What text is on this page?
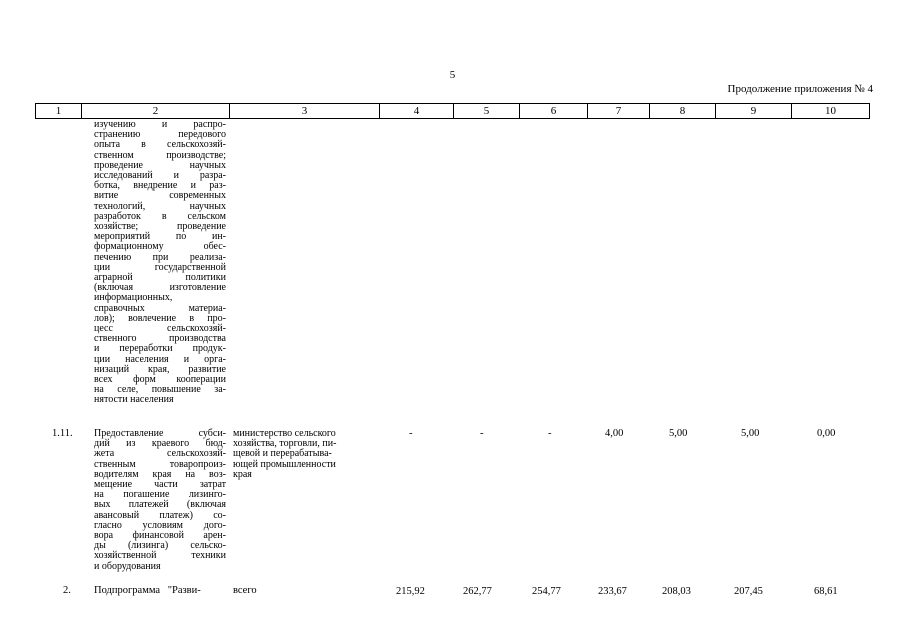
5
Продолжение приложения № 4
1	2	3	4	5	6	7	8	9	10
изучению и распро-
странению передового
опыта в сельскохозяй-
ственном производстве;
проведение научных
исследований и разра-
ботка, внедрение и раз-
витие современных
технологий, научных
разработок в сельском
хозяйстве; проведение
мероприятий по ин-
формационному обес-
печению при реализа-
ции государственной
аграрной политики
(включая изготовление
информационных,
справочных материа-
лов); вовлечение в про-
цесс сельскохозяй-
ственного производства
и переработки продук-
ции населения и орга-
низаций края, развитие
всех форм кооперации
на селе, повышение за-
нятости населения
1.11. Предоставление субси-
дий из краевого бюд-
жета сельскохозяй-
ственным товаропроиз-
водителям края на воз-
мещение части затрат
на погашение лизинго-
вых платежей (включая
авансовый платеж) со-
гласно условиям дого-
вора финансовой арен-
ды (лизинга) сельско-
хозяйственной техники
и оборудования
министерство сельского
хозяйства, торговли, пи-
щевой и перерабатыва-
ющей промышленности
края
-	-	-	4,00	5,00	5,00	0,00
2. Подпрограмма "Разви-	всего	215,92	262,77	254,77	233,67	208,03	207,45	68,61
